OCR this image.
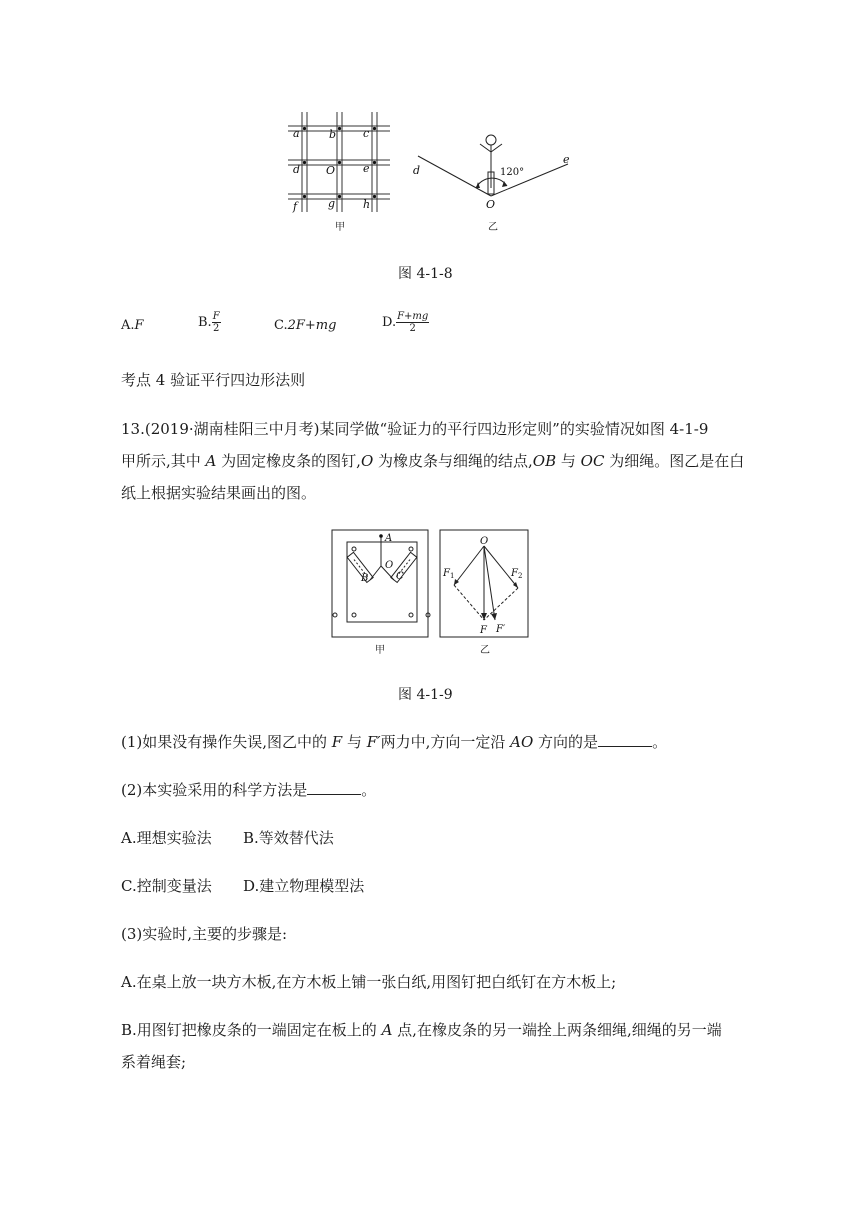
a	b c
d O	e
f	g	h
甲
d
e
O
120°
乙
图 4-1-8
A.F	B. $\frac{F}{2}$	C.2F+mg	D. $\frac{F+mg}{2}$
考点 4 验证平行四边形法则
13.(2019·湖南桂阳三中月考)某同学做“验证力的平行四边形定则”的实验情况如图 4-1-9
甲所示,其中 A 为固定橡皮条的图钉,O 为橡皮条与细绳的结点,OB 与 OC 为细绳。图乙是在白
纸上根据实验结果画出的图。
A
O
B	C
甲
O
$F_1$	$F_2$
F F′
乙
图 4-1-9
(1)如果没有操作失误,图乙中的 F 与 F′两力中,方向一定沿 AO 方向的是	。
(2)本实验采用的科学方法是	。
A.理想实验法 B.等效替代法
C.控制变量法 D.建立物理模型法
(3)实验时,主要的步骤是:
A.在桌上放一块方木板,在方木板上铺一张白纸,用图钉把白纸钉在方木板上;
B.用图钉把橡皮条的一端固定在板上的 A 点,在橡皮条的另一端拴上两条细绳,细绳的另一端
系着绳套;
